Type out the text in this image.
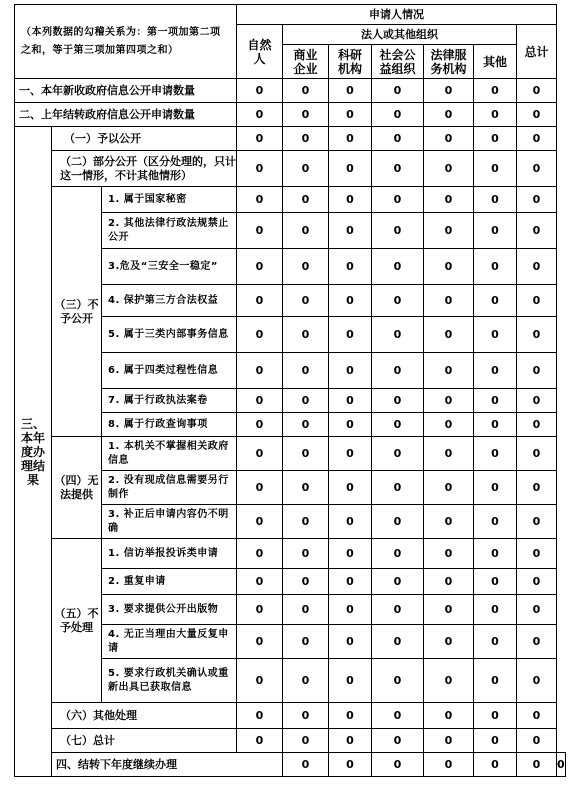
（本列数据的勾稽关系为：第一项加第二项之和，等于第三项加第四项之和）			申请人情况							
			自然人	法人或其他组织					总计	
				商业企业	科研机构	社会公益组织	法律服务机构	其他		
一、本年新收政府信息公开申请数量			0	0	0	0	0	0	0	
二、上年结转政府信息公开申请数量			0	0	0	0	0	0	0	
三、本年度办理结果	（一）予以公开		0	0	0	0	0	0	0	
	（二）部分公开（区分处理的，只计这一情形，不计其他情形）		0	0	0	0	0	0	0	
	（三）不予公开	1. 属于国家秘密	0	0	0	0	0	0	0	
		2. 其他法律行政法规禁止公开	0	0	0	0	0	0	0	
		3.危及“三安全一稳定”	0	0	0	0	0	0	0	
		4. 保护第三方合法权益	0	0	0	0	0	0	0	
		5. 属于三类内部事务信息	0	0	0	0	0	0	0	
		6. 属于四类过程性信息	0	0	0	0	0	0	0	
		7. 属于行政执法案卷	0	0	0	0	0	0	0	
		8. 属于行政查询事项	0	0	0	0	0	0	0	
	（四）无法提供	1. 本机关不掌握相关政府信息	0	0	0	0	0	0	0	
		2. 没有现成信息需要另行制作	0	0	0	0	0	0	0	
		3. 补正后申请内容仍不明确	0	0	0	0	0	0	0	
	（五）不予处理	1. 信访举报投诉类申请	0	0	0	0	0	0	0	
		2. 重复申请	0	0	0	0	0	0	0	
		3. 要求提供公开出版物	0	0	0	0	0	0	0	
		4. 无正当理由大量反复申请	0	0	0	0	0	0	0	
		5. 要求行政机关确认或重新出具已获取信息	0	0	0	0	0	0	0	
	（六）其他处理		0	0	0	0	0	0	0	
	（七）总计		0	0	0	0	0	0	0	
	四、结转下年度继续办理			0	0	0	0	0	0	0
